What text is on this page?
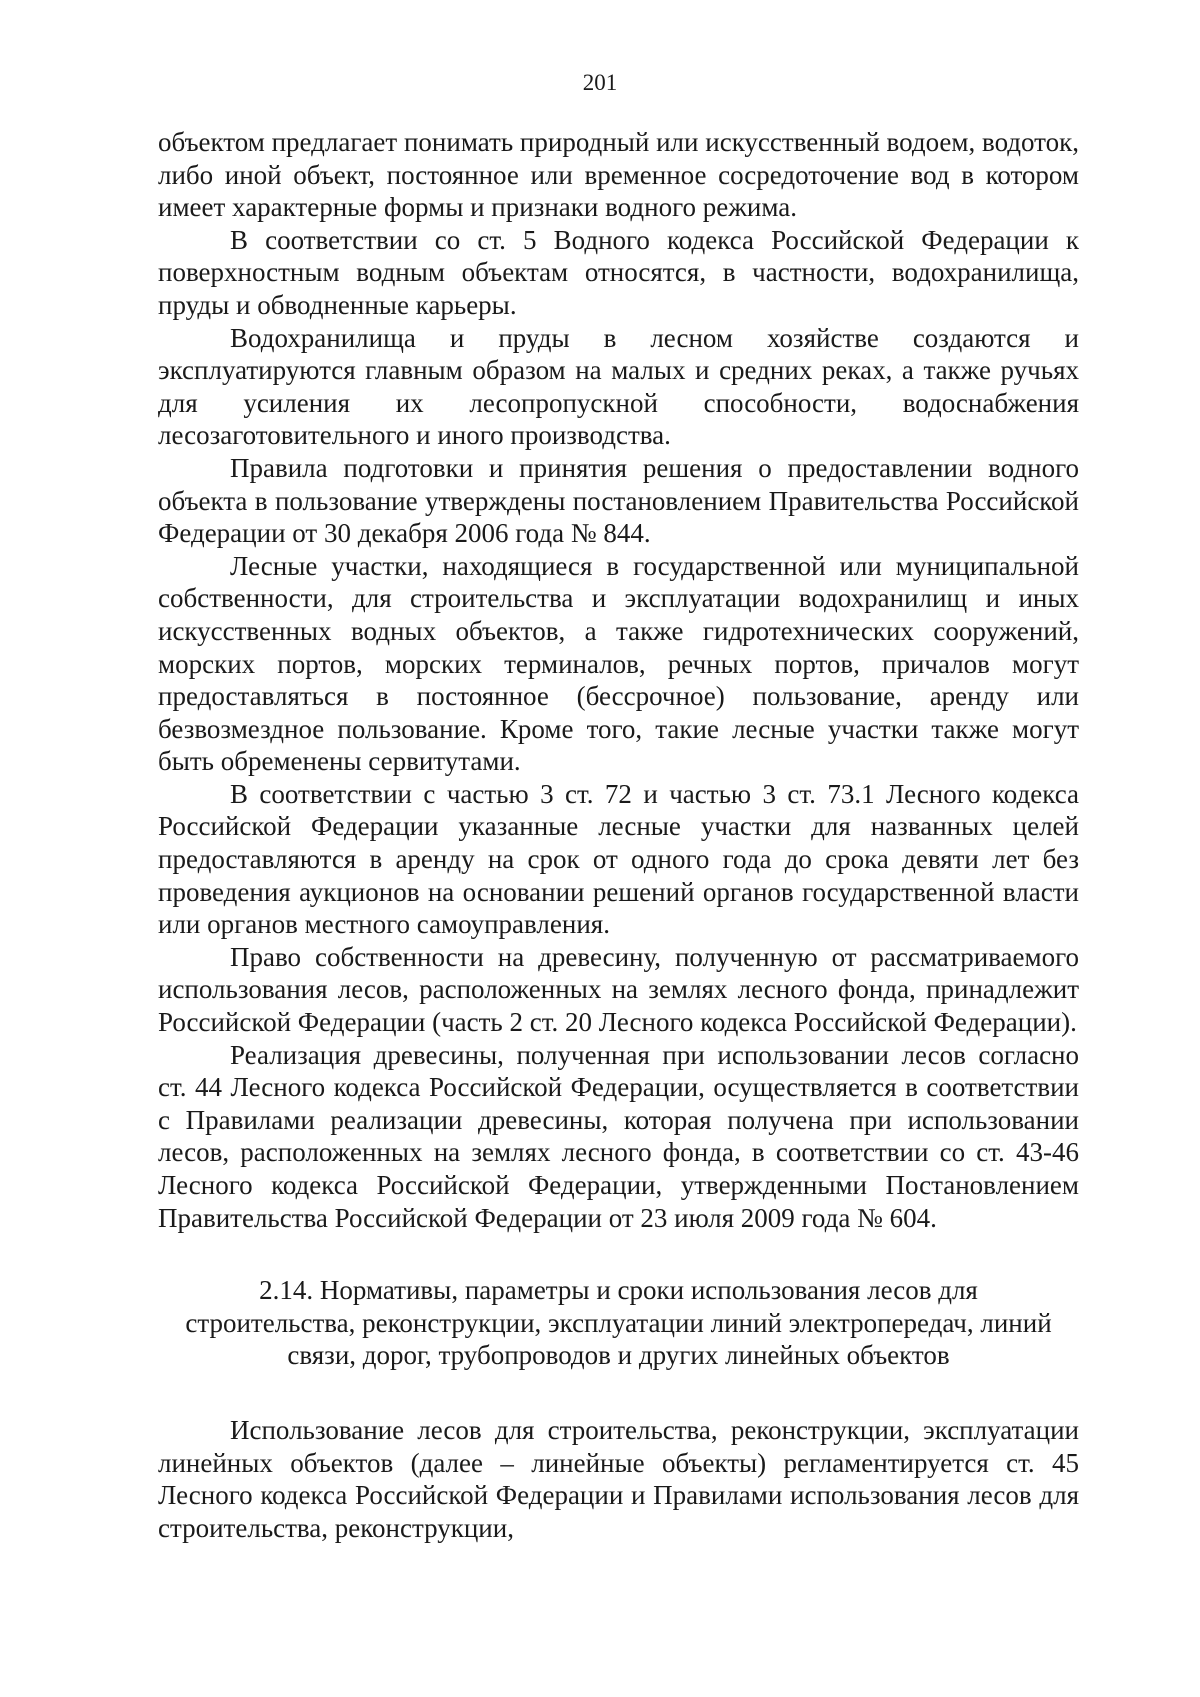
201

объектом предлагает понимать природный или искусственный водоем, водоток, либо иной объект, постоянное или временное сосредоточение вод в котором имеет характерные формы и признаки водного режима.

В соответствии со ст. 5 Водного кодекса Российской Федерации к поверхностным водным объектам относятся, в частности, водохранилища, пруды и обводненные карьеры.

Водохранилища и пруды в лесном хозяйстве создаются и эксплуатируются главным образом на малых и средних реках, а также ручьях для усиления их лесопропускной способности, водоснабжения лесозаготовительного и иного производства.

Правила подготовки и принятия решения о предоставлении водного объекта в пользование утверждены постановлением Правительства Российской Федерации от 30 декабря 2006 года № 844.

Лесные участки, находящиеся в государственной или муниципальной собственности, для строительства и эксплуатации водохранилищ и иных искусственных водных объектов, а также гидротехнических сооружений, морских портов, морских терминалов, речных портов, причалов могут предоставляться в постоянное (бессрочное) пользование, аренду или безвозмездное пользование. Кроме того, такие лесные участки также могут быть обременены сервитутами.

В соответствии с частью 3 ст. 72 и частью 3 ст. 73.1 Лесного кодекса Российской Федерации указанные лесные участки для названных целей предоставляются в аренду на срок от одного года до срока девяти лет без проведения аукционов на основании решений органов государственной власти или органов местного самоуправления.

Право собственности на древесину, полученную от рассматриваемого использования лесов, расположенных на землях лесного фонда, принадлежит Российской Федерации (часть 2 ст. 20 Лесного кодекса Российской Федерации).

Реализация древесины, полученная при использовании лесов согласно ст. 44 Лесного кодекса Российской Федерации, осуществляется в соответствии с Правилами реализации древесины, которая получена при использовании лесов, расположенных на землях лесного фонда, в соответствии со ст. 43-46 Лесного кодекса Российской Федерации, утвержденными Постановлением Правительства Российской Федерации от 23 июля 2009 года № 604.

2.14. Нормативы, параметры и сроки использования лесов для
строительства, реконструкции, эксплуатации линий электропередач, линий
связи, дорог, трубопроводов и других линейных объектов

Использование лесов для строительства, реконструкции, эксплуатации линейных объектов (далее – линейные объекты) регламентируется ст. 45 Лесного кодекса Российской Федерации и Правилами использования лесов для строительства, реконструкции,
